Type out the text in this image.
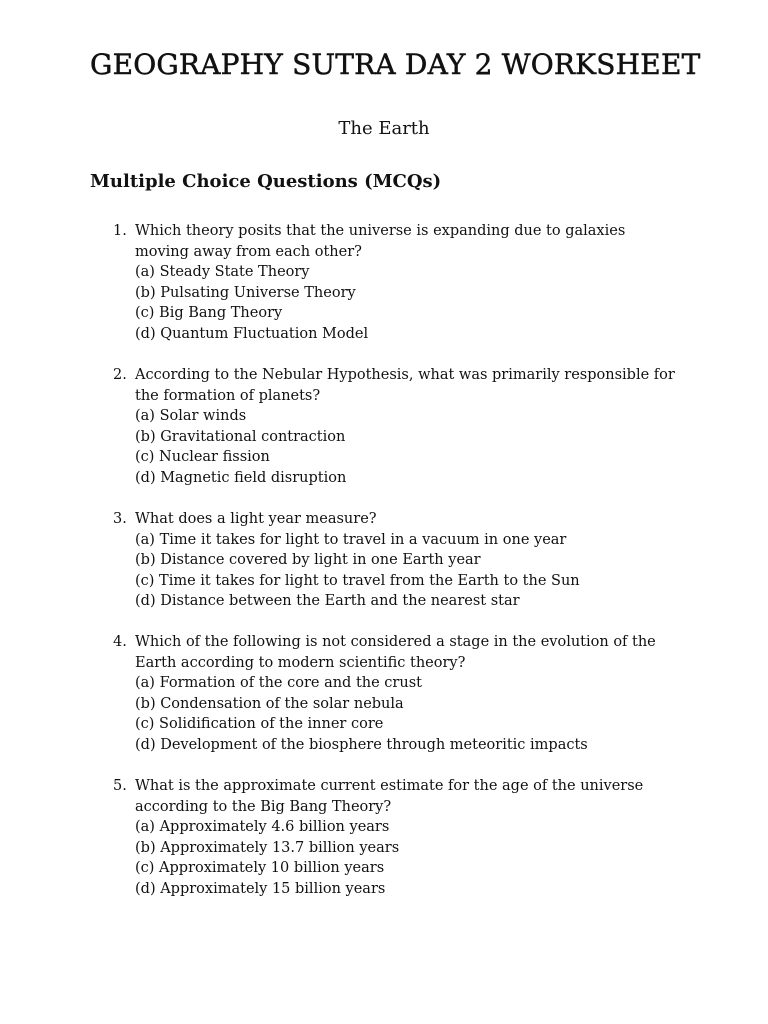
GEOGRAPHY SUTRA DAY 2 WORKSHEET

The Earth

Multiple Choice Questions (MCQs)
1. Which theory posits that the universe is expanding due to galaxies moving away from each other?
(a) Steady State Theory
(b) Pulsating Universe Theory
(c) Big Bang Theory
(d) Quantum Fluctuation Model
2. According to the Nebular Hypothesis, what was primarily responsible for the formation of planets?
(a) Solar winds
(b) Gravitational contraction
(c) Nuclear fission
(d) Magnetic field disruption
3. What does a light year measure?
(a) Time it takes for light to travel in a vacuum in one year
(b) Distance covered by light in one Earth year
(c) Time it takes for light to travel from the Earth to the Sun
(d) Distance between the Earth and the nearest star
4. Which of the following is not considered a stage in the evolution of the Earth according to modern scientific theory?
(a) Formation of the core and the crust
(b) Condensation of the solar nebula
(c) Solidification of the inner core
(d) Development of the biosphere through meteoritic impacts
5. What is the approximate current estimate for the age of the universe according to the Big Bang Theory?
(a) Approximately 4.6 billion years
(b) Approximately 13.7 billion years
(c) Approximately 10 billion years
(d) Approximately 15 billion years
